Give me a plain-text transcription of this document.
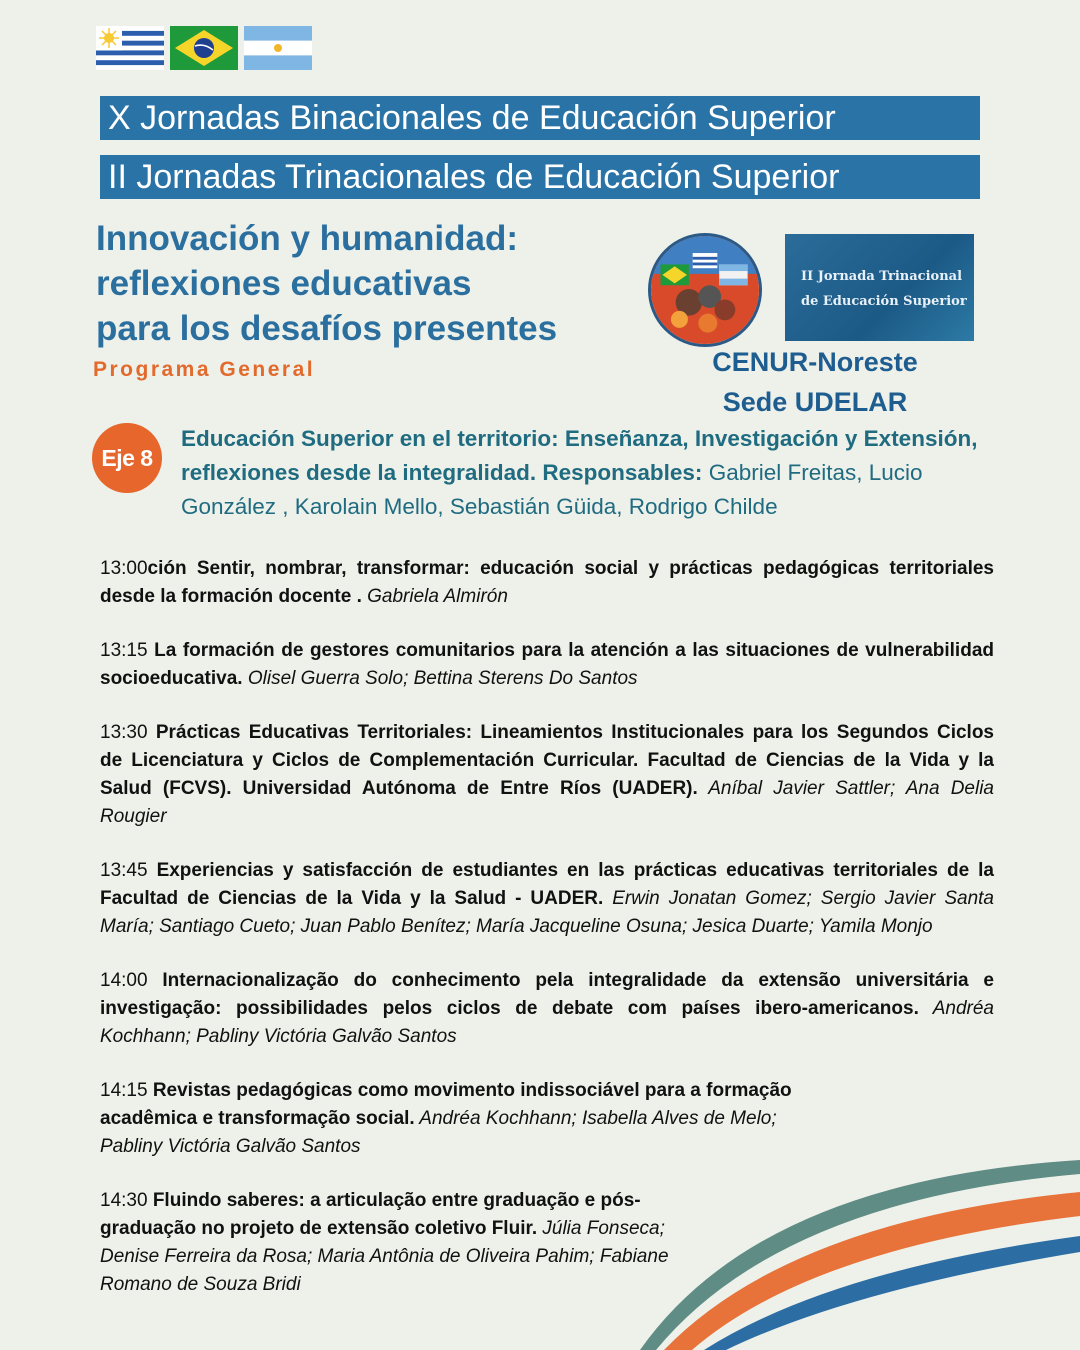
X Jornadas Binacionales de Educación Superior
II Jornadas Trinacionales de Educación Superior
Innovación y humanidad:
reflexiones educativas
para los desafíos presentes
Programa General
II Jornada Trinacional
de Educación Superior
CENUR-Noreste
Sede UDELAR
Eje 8
Educación Superior en el territorio: Enseñanza, Investigación y Extensión, reflexiones desde la integralidad. Responsables: Gabriel Freitas, Lucio González , Karolain Mello, Sebastián Güida, Rodrigo Childe
13:00ción Sentir, nombrar, transformar: educación social y prácticas pedagógicas territoriales desde la formación docente . Gabriela Almirón
13:15 La formación de gestores comunitarios para la atención a las situaciones de vulnerabilidad socioeducativa. Olisel Guerra Solo; Bettina Sterens Do Santos
13:30 Prácticas Educativas Territoriales: Lineamientos Institucionales para los Segundos Ciclos de Licenciatura y Ciclos de Complementación Curricular. Facultad de Ciencias de la Vida y la Salud (FCVS). Universidad Autónoma de Entre Ríos (UADER). Aníbal Javier Sattler; Ana Delia Rougier
13:45 Experiencias y satisfacción de estudiantes en las prácticas educativas territoriales de la Facultad de Ciencias de la Vida y la Salud - UADER. Erwin Jonatan Gomez; Sergio Javier Santa María; Santiago Cueto; Juan Pablo Benítez; María Jacqueline Osuna; Jesica Duarte; Yamila Monjo
14:00 Internacionalização do conhecimento pela integralidade da extensão universitária e investigação: possibilidades pelos ciclos de debate com países ibero-americanos. Andréa Kochhann; Pabliny Victória Galvão Santos
14:15 Revistas pedagógicas como movimento indissociável para a formação acadêmica e transformação social. Andréa Kochhann; Isabella Alves de Melo; Pabliny Victória Galvão Santos
14:30 Fluindo saberes: a articulação entre graduação e pós-graduação no projeto de extensão coletivo Fluir. Júlia Fonseca; Denise Ferreira da Rosa; Maria Antônia de Oliveira Pahim; Fabiane Romano de Souza Bridi
